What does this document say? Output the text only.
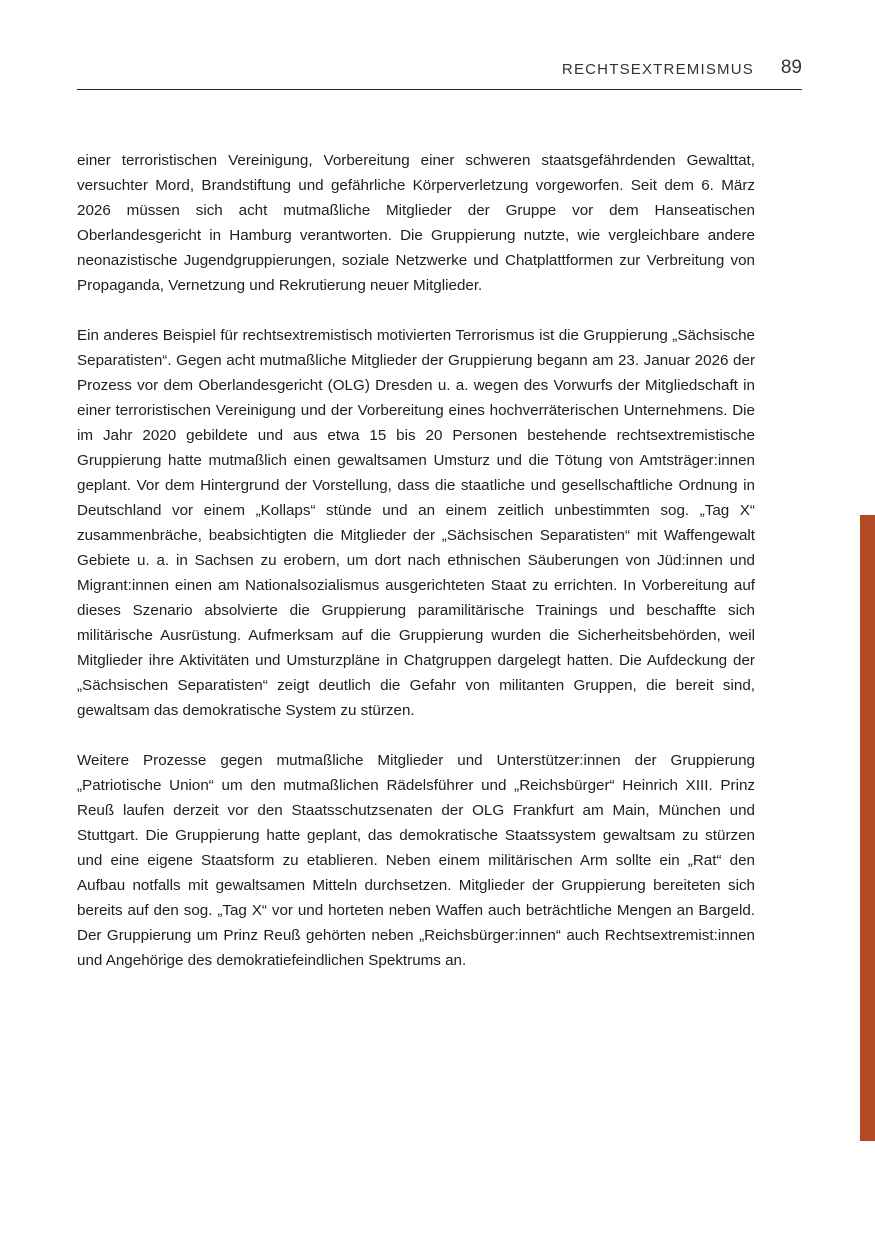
RECHTSEXTREMISMUS 89

einer terroristischen Vereinigung, Vorbereitung einer schweren staatsgefährdenden Gewalttat, versuchter Mord, Brandstiftung und gefährliche Körperverletzung vorgeworfen. Seit dem 6. März 2026 müssen sich acht mutmaßliche Mitglieder der Gruppe vor dem Hanseatischen Oberlandesgericht in Hamburg verantworten. Die Gruppierung nutzte, wie vergleichbare andere neonazistische Jugendgruppierungen, soziale Netzwerke und Chatplattformen zur Verbreitung von Propaganda, Vernetzung und Rekrutierung neuer Mitglieder.

Ein anderes Beispiel für rechtsextremistisch motivierten Terrorismus ist die Gruppierung „Sächsische Separatisten“. Gegen acht mutmaßliche Mitglieder der Gruppierung begann am 23. Januar 2026 der Prozess vor dem Oberlandesgericht (OLG) Dresden u. a. wegen des Vorwurfs der Mitgliedschaft in einer terroristischen Vereinigung und der Vorbereitung eines hochverräterischen Unternehmens. Die im Jahr 2020 gebildete und aus etwa 15 bis 20 Personen bestehende rechtsextremistische Gruppierung hatte mutmaßlich einen gewaltsamen Umsturz und die Tötung von Amtsträger:innen geplant. Vor dem Hintergrund der Vorstellung, dass die staatliche und gesellschaftliche Ordnung in Deutschland vor einem „Kollaps“ stünde und an einem zeitlich unbestimmten sog. „Tag X“ zusammenbräche, beabsichtigten die Mitglieder der „Sächsischen Separatisten“ mit Waffengewalt Gebiete u. a. in Sachsen zu erobern, um dort nach ethnischen Säuberungen von Jüd:innen und Migrant:innen einen am Nationalsozialismus ausgerichteten Staat zu errichten. In Vorbereitung auf dieses Szenario absolvierte die Gruppierung paramilitärische Trainings und beschaffte sich militärische Ausrüstung. Aufmerksam auf die Gruppierung wurden die Sicherheitsbehörden, weil Mitglieder ihre Aktivitäten und Umsturzpläne in Chatgruppen dargelegt hatten. Die Aufdeckung der „Sächsischen Separatisten“ zeigt deutlich die Gefahr von militanten Gruppen, die bereit sind, gewaltsam das demokratische System zu stürzen.

Weitere Prozesse gegen mutmaßliche Mitglieder und Unterstützer:innen der Gruppierung „Patriotische Union“ um den mutmaßlichen Rädelsführer und „Reichsbürger“ Heinrich XIII. Prinz Reuß laufen derzeit vor den Staatsschutzsenaten der OLG Frankfurt am Main, München und Stuttgart. Die Gruppierung hatte geplant, das demokratische Staatssystem gewaltsam zu stürzen und eine eigene Staatsform zu etablieren. Neben einem militärischen Arm sollte ein „Rat“ den Aufbau notfalls mit gewaltsamen Mitteln durchsetzen. Mitglieder der Gruppierung bereiteten sich bereits auf den sog. „Tag X“ vor und horteten neben Waffen auch beträchtliche Mengen an Bargeld. Der Gruppierung um Prinz Reuß gehörten neben „Reichsbürger:innen“ auch Rechtsextremist:innen und Angehörige des demokratiefeindlichen Spektrums an.
